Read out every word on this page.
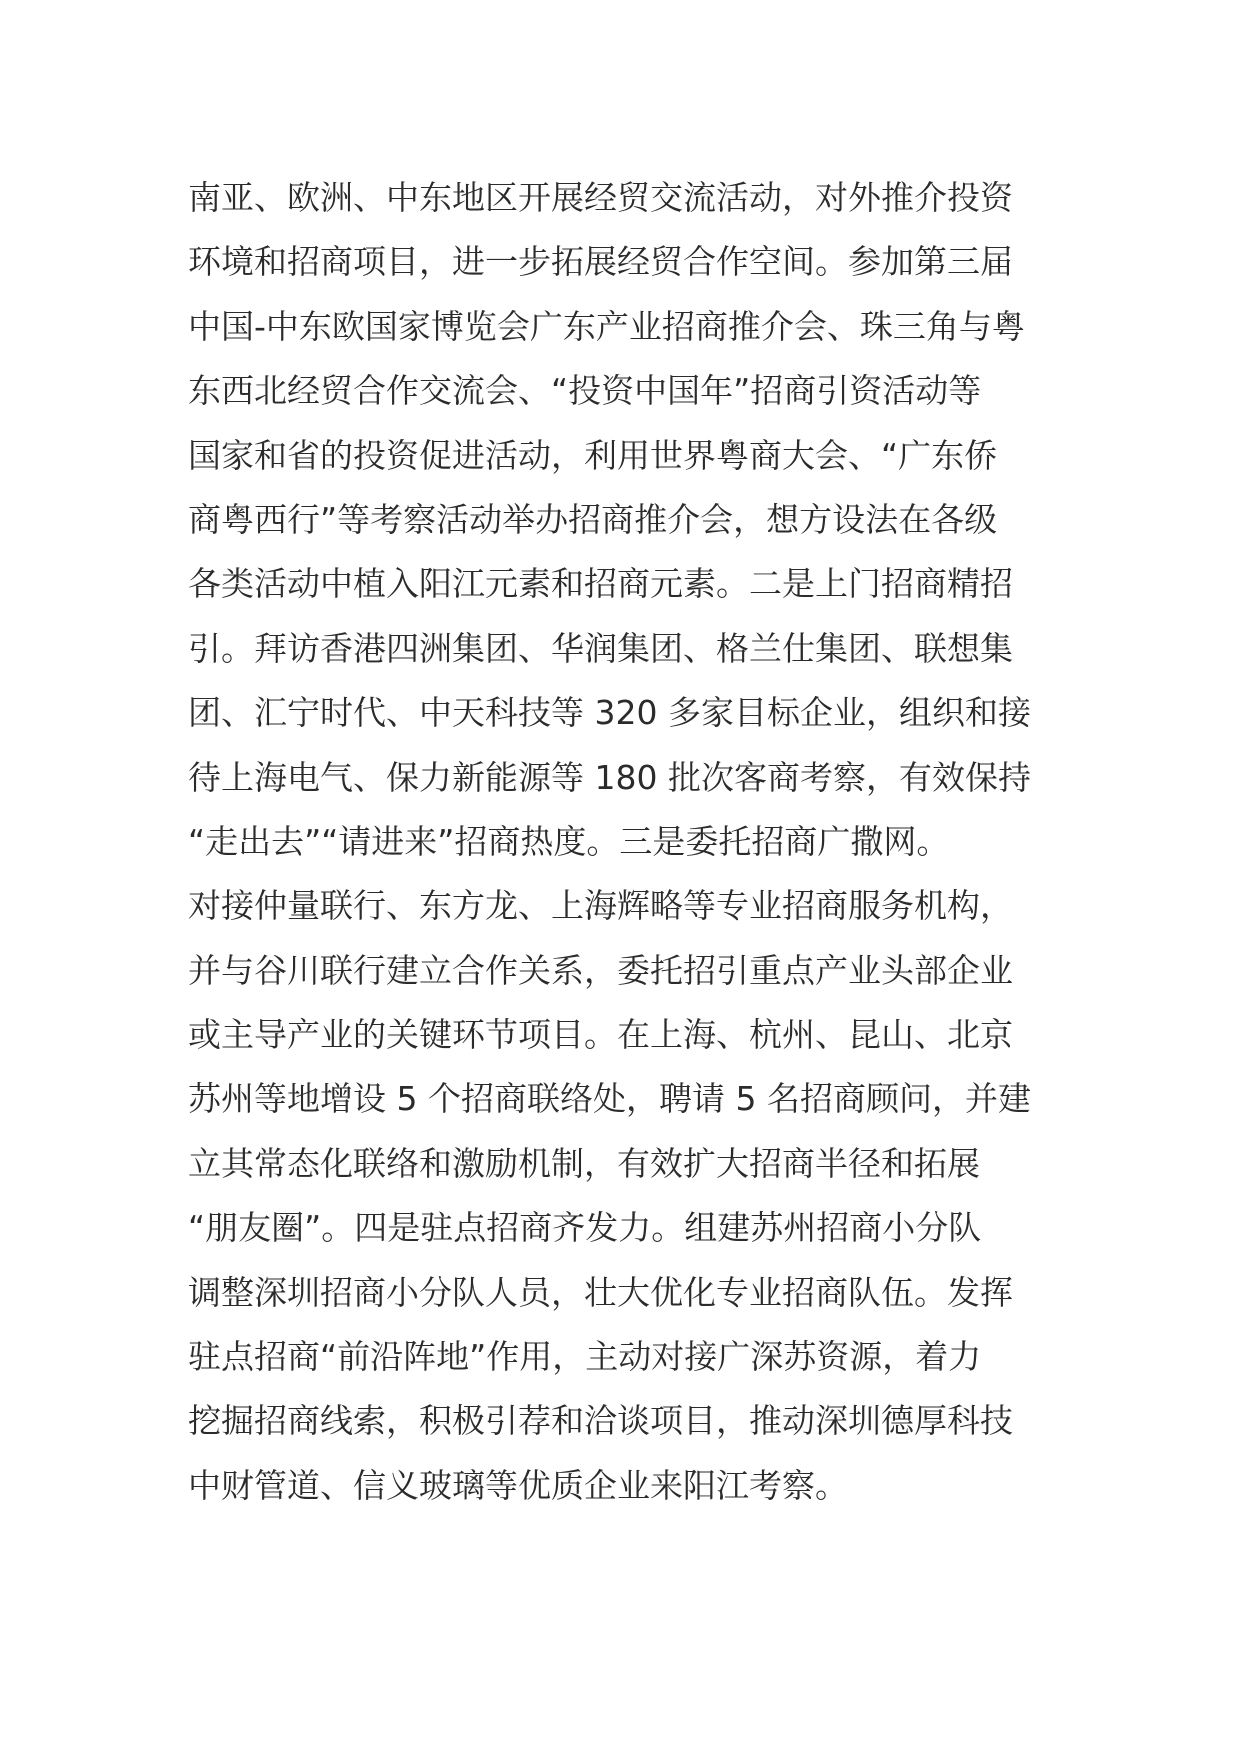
南亚、欧洲、中东地区开展经贸交流活动，对外推介投资
环境和招商项目，进一步拓展经贸合作空间。参加第三届
中国-中东欧国家博览会广东产业招商推介会、珠三角与粤
东西北经贸合作交流会、“投资中国年”招商引资活动等
国家和省的投资促进活动，利用世界粤商大会、“广东侨
商粤西行”等考察活动举办招商推介会，想方设法在各级
各类活动中植入阳江元素和招商元素。二是上门招商精招
引。拜访香港四洲集团、华润集团、格兰仕集团、联想集
团、汇宁时代、中天科技等 320 多家目标企业，组织和接
待上海电气、保力新能源等 180 批次客商考察，有效保持
“走出去”“请进来”招商热度。三是委托招商广撒网。
对接仲量联行、东方龙、上海辉略等专业招商服务机构，
并与谷川联行建立合作关系，委托招引重点产业头部企业
或主导产业的关键环节项目。在上海、杭州、昆山、北京
苏州等地增设 5 个招商联络处，聘请 5 名招商顾问，并建
立其常态化联络和激励机制，有效扩大招商半径和拓展
“朋友圈”。四是驻点招商齐发力。组建苏州招商小分队
调整深圳招商小分队人员，壮大优化专业招商队伍。发挥
驻点招商“前沿阵地”作用，主动对接广深苏资源，着力
挖掘招商线索，积极引荐和洽谈项目，推动深圳德厚科技
中财管道、信义玻璃等优质企业来阳江考察。
